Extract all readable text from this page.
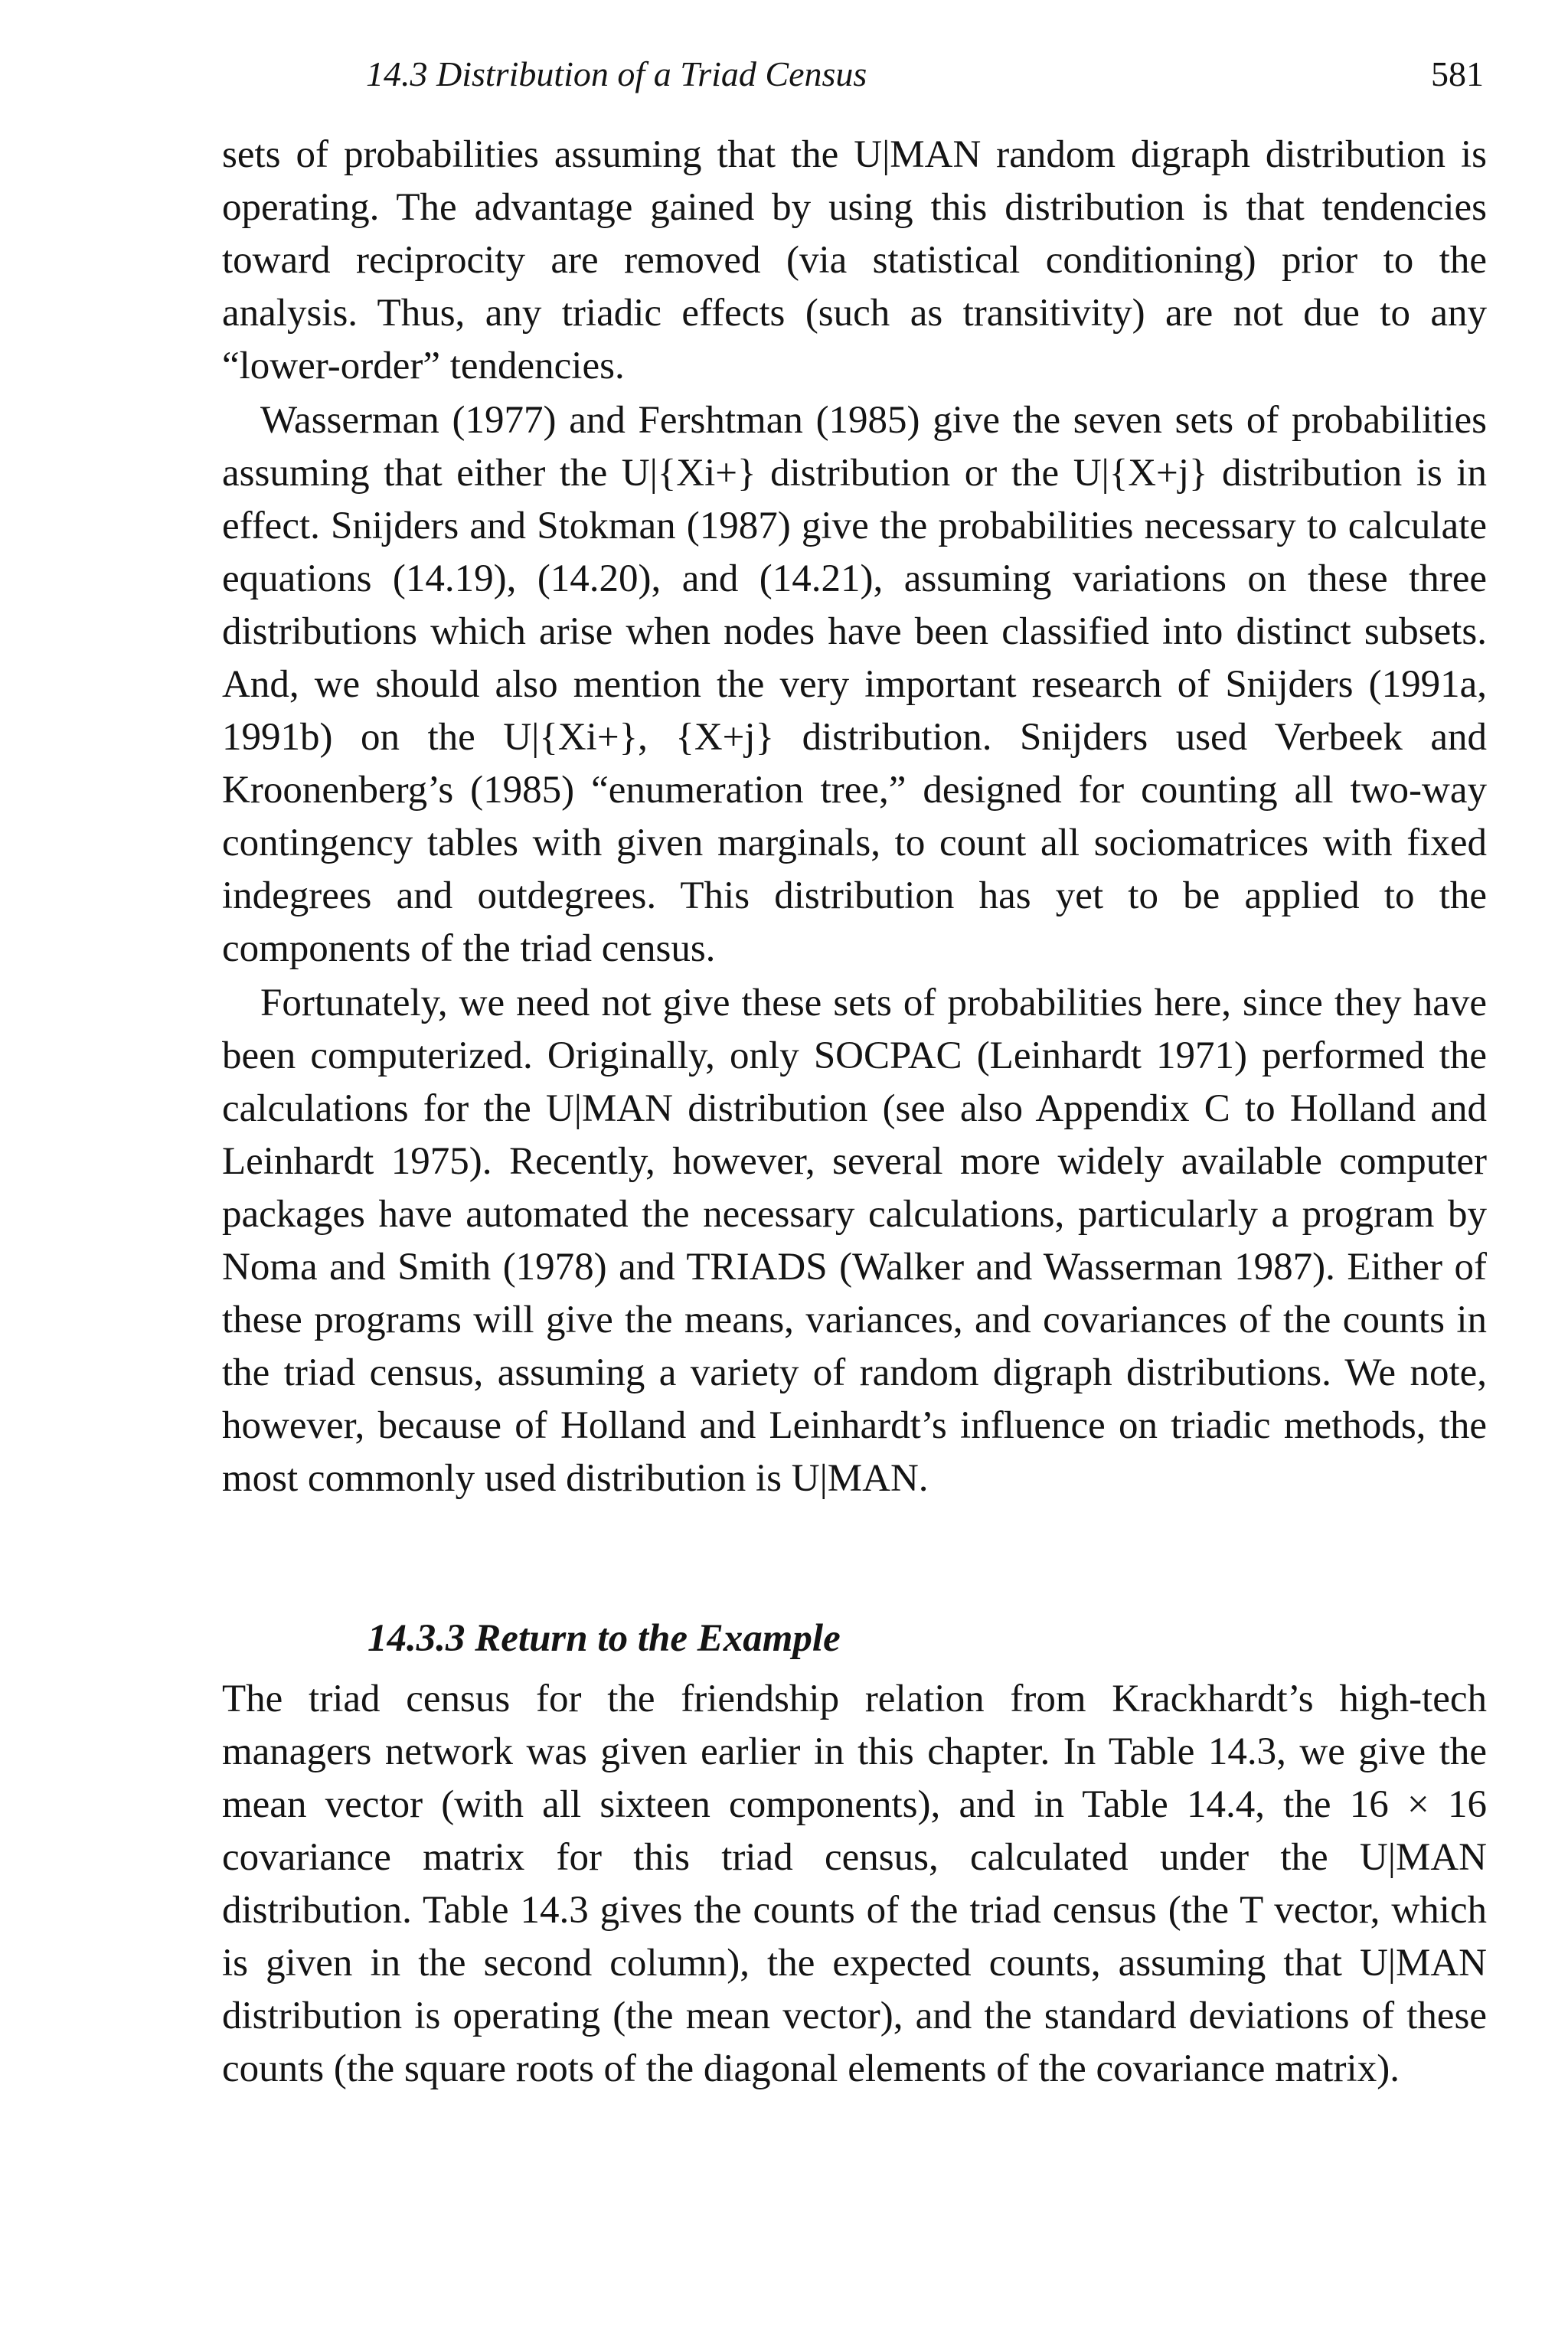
14.3 Distribution of a Triad Census	581

sets of probabilities assuming that the U|MAN random digraph distribution is operating. The advantage gained by using this distribution is that tendencies toward reciprocity are removed (via statistical conditioning) prior to the analysis. Thus, any triadic effects (such as transitivity) are not due to any “lower-order” tendencies.

Wasserman (1977) and Fershtman (1985) give the seven sets of probabilities assuming that either the U|{Xi+} distribution or the U|{X+j} distribution is in effect. Snijders and Stokman (1987) give the probabilities necessary to calculate equations (14.19), (14.20), and (14.21), assuming variations on these three distributions which arise when nodes have been classified into distinct subsets. And, we should also mention the very important research of Snijders (1991a, 1991b) on the U|{Xi+}, {X+j} distribution. Snijders used Verbeek and Kroonenberg’s (1985) “enumeration tree,” designed for counting all two-way contingency tables with given marginals, to count all sociomatrices with fixed indegrees and outdegrees. This distribution has yet to be applied to the components of the triad census.

Fortunately, we need not give these sets of probabilities here, since they have been computerized. Originally, only SOCPAC (Leinhardt 1971) performed the calculations for the U|MAN distribution (see also Appendix C to Holland and Leinhardt 1975). Recently, however, several more widely available computer packages have automated the necessary calculations, particularly a program by Noma and Smith (1978) and TRIADS (Walker and Wasserman 1987). Either of these programs will give the means, variances, and covariances of the counts in the triad census, assuming a variety of random digraph distributions. We note, however, because of Holland and Leinhardt’s influence on triadic methods, the most commonly used distribution is U|MAN.

14.3.3 Return to the Example

The triad census for the friendship relation from Krackhardt’s high-tech managers network was given earlier in this chapter. In Table 14.3, we give the mean vector (with all sixteen components), and in Table 14.4, the 16 × 16 covariance matrix for this triad census, calculated under the U|MAN distribution. Table 14.3 gives the counts of the triad census (the T vector, which is given in the second column), the expected counts, assuming that U|MAN distribution is operating (the mean vector), and the standard deviations of these counts (the square roots of the diagonal elements of the covariance matrix).
